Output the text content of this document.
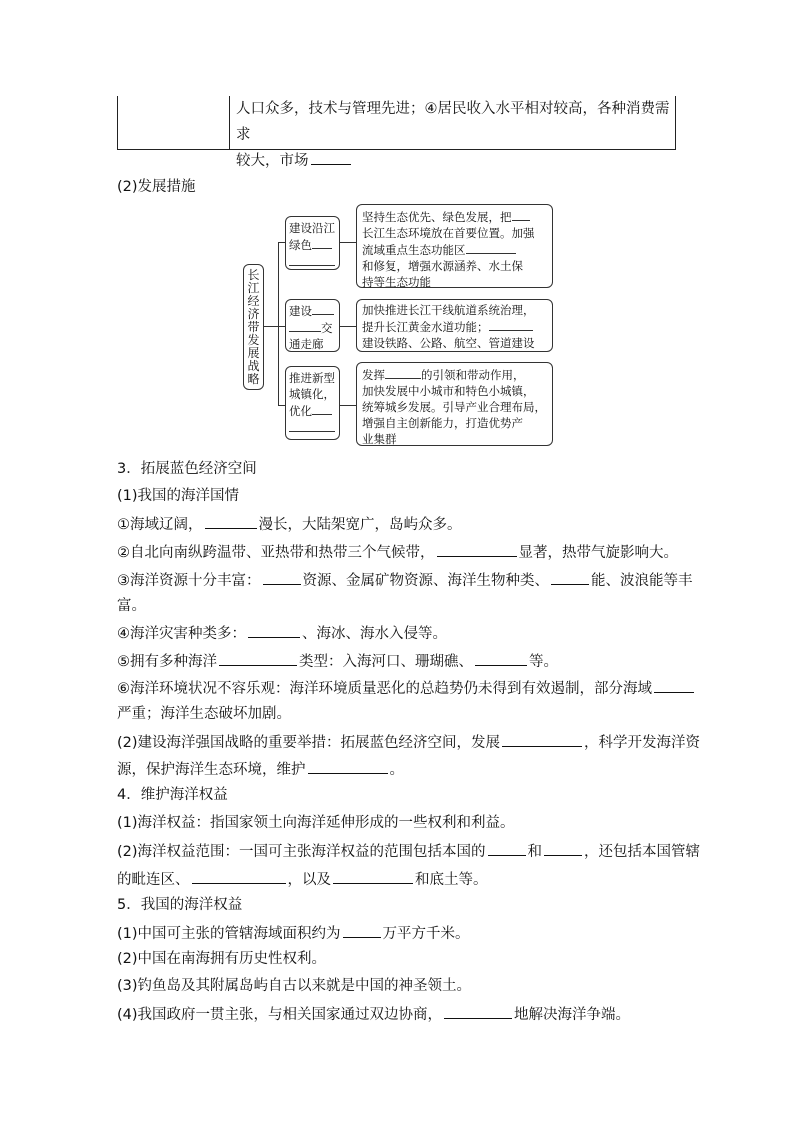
人口众多，技术与管理先进；④居民收入水平相对较高，各种消费需求
较大，市场
(2)发展措施
长江经济带发展战略
建设沿江
绿色
建设
交
通走廊
推进新型
城镇化，
优化
坚持生态优先、绿色发展，把
长江生态环境放在首要位置。加强
流域重点生态功能区
和修复，增强水源涵养、水土保
持等生态功能
加快推进长江干线航道系统治理，
提升长江黄金水道功能；
建设铁路、公路、航空、管道建设
发挥	的引领和带动作用，
加快发展中小城市和特色小城镇，
统筹城乡发展。引导产业合理布局，
增强自主创新能力，打造优势产
业集群
3．拓展蓝色经济空间
(1)我国的海洋国情
①海域辽阔，	漫长，大陆架宽广，岛屿众多。
②自北向南纵跨温带、亚热带和热带三个气候带，	显著，热带气旋影响大。
③海洋资源十分丰富：	资源、金属矿物资源、海洋生物种类、	能、波浪能等丰
富。
④海洋灾害种类多：	、海冰、海水入侵等。
⑤拥有多种海洋	类型：入海河口、珊瑚礁、	等。
⑥海洋环境状况不容乐观：海洋环境质量恶化的总趋势仍未得到有效遏制，部分海域
严重；海洋生态破坏加剧。
(2)建设海洋强国战略的重要举措：拓展蓝色经济空间，发展	，科学开发海洋资
源，保护海洋生态环境，维护	。
4．维护海洋权益
(1)海洋权益：指国家领土向海洋延伸形成的一些权利和利益。
(2)海洋权益范围：一国可主张海洋权益的范围包括本国的	和	，还包括本国管辖
的毗连区、	，以及	和底土等。
5．我国的海洋权益
(1)中国可主张的管辖海域面积约为	万平方千米。
(2)中国在南海拥有历史性权利。
(3)钓鱼岛及其附属岛屿自古以来就是中国的神圣领土。
(4)我国政府一贯主张，与相关国家通过双边协商，	地解决海洋争端。
